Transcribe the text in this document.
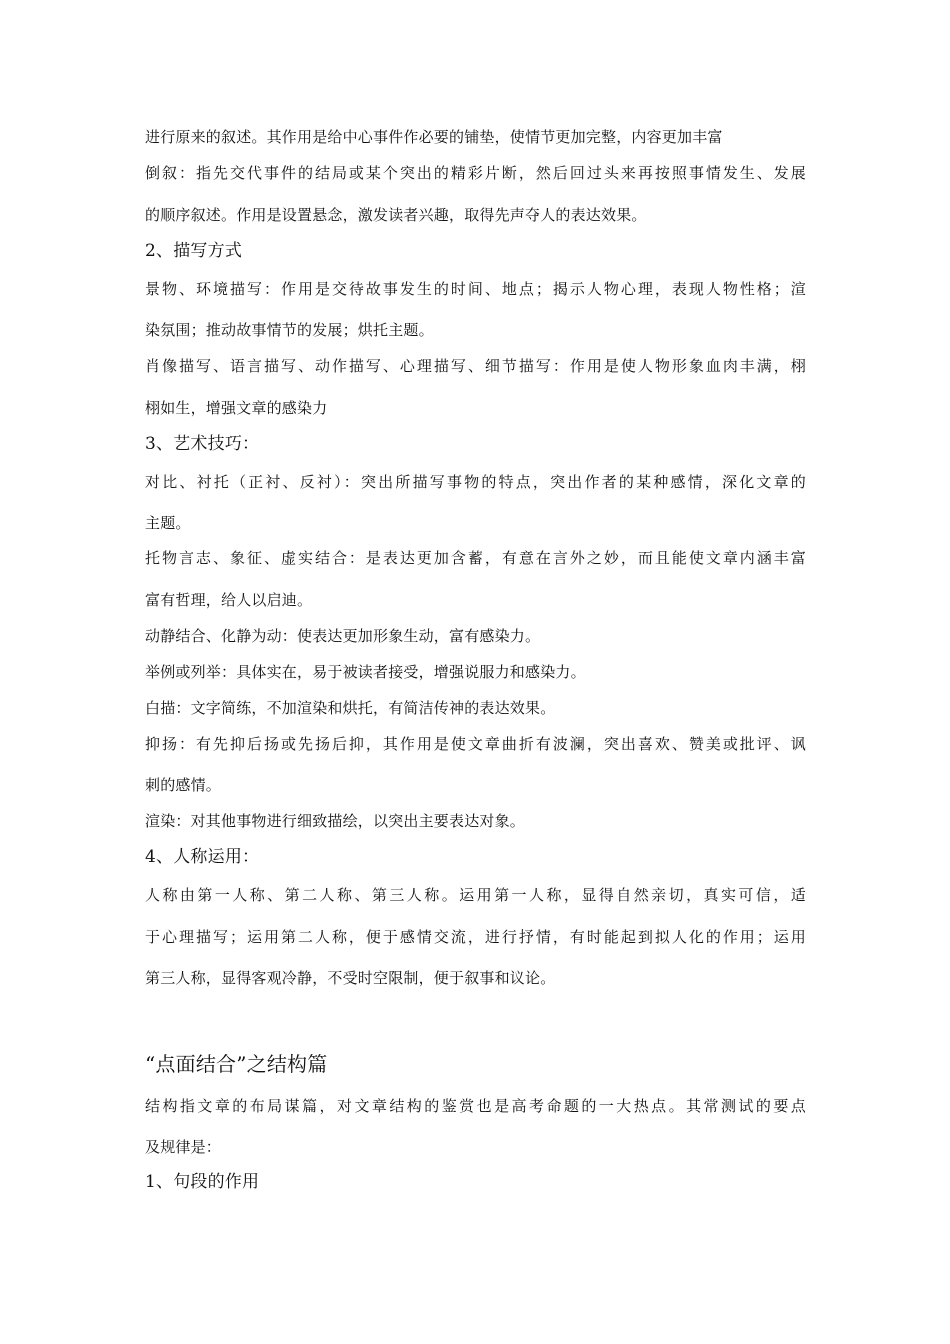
进行原来的叙述。其作用是给中心事件作必要的铺垫，使情节更加完整，内容更加丰富
倒叙：指先交代事件的结局或某个突出的精彩片断，然后回过头来再按照事情发生、发展
的顺序叙述。作用是设置悬念，激发读者兴趣，取得先声夺人的表达效果。
2、描写方式
景物、环境描写：作用是交待故事发生的时间、地点；揭示人物心理，表现人物性格；渲
染氛围；推动故事情节的发展；烘托主题。
肖像描写、语言描写、动作描写、心理描写、细节描写：作用是使人物形象血肉丰满，栩
栩如生，增强文章的感染力
3、艺术技巧：
对比、衬托（正衬、反衬）：突出所描写事物的特点，突出作者的某种感情，深化文章的
主题。
托物言志、象征、虚实结合：是表达更加含蓄，有意在言外之妙，而且能使文章内涵丰富
富有哲理，给人以启迪。
动静结合、化静为动：使表达更加形象生动，富有感染力。
举例或列举：具体实在，易于被读者接受，增强说服力和感染力。
白描：文字简练，不加渲染和烘托，有简洁传神的表达效果。
抑扬：有先抑后扬或先扬后抑，其作用是使文章曲折有波澜，突出喜欢、赞美或批评、讽
刺的感情。
渲染：对其他事物进行细致描绘，以突出主要表达对象。
4、人称运用：
人称由第一人称、第二人称、第三人称。运用第一人称，显得自然亲切，真实可信，适
于心理描写；运用第二人称，便于感情交流，进行抒情，有时能起到拟人化的作用；运用
第三人称，显得客观冷静，不受时空限制，便于叙事和议论。
“点面结合”之结构篇
结构指文章的布局谋篇，对文章结构的鉴赏也是高考命题的一大热点。其常测试的要点
及规律是：
1、句段的作用
